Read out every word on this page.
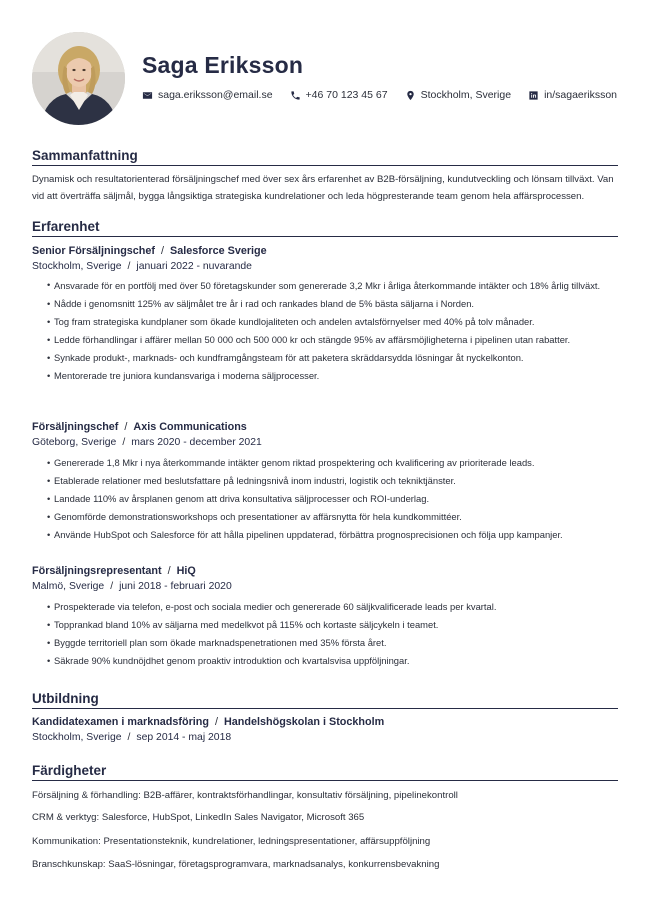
Saga Eriksson
saga.eriksson@email.se	+46 70 123 45 67	Stockholm, Sverige	in/sagaeriksson
Sammanfattning
Dynamisk och resultatorienterad försäljningschef med över sex års erfarenhet av B2B-försäljning, kundutveckling och lönsam tillväxt. Van vid att överträffa säljmål, bygga långsiktiga strategiska kundrelationer och leda högpresterande team genom hela affärsprocessen.
Erfarenhet
Senior Försäljningschef / Salesforce Sverige
Stockholm, Sverige / januari 2022 - nuvarande
• Ansvarade för en portfölj med över 50 företagskunder som genererade 3,2 Mkr i årliga återkommande intäkter och 18% årlig tillväxt.
• Nådde i genomsnitt 125% av säljmålet tre år i rad och rankades bland de 5% bästa säljarna i Norden.
• Tog fram strategiska kundplaner som ökade kundlojaliteten och andelen avtalsförnyelser med 40% på tolv månader.
• Ledde förhandlingar i affärer mellan 50 000 och 500 000 kr och stängde 95% av affärsmöjligheterna i pipelinen utan rabatter.
• Synkade produkt-, marknads- och kundframgångsteam för att paketera skräddarsydda lösningar åt nyckelkonton.
• Mentorerade tre juniora kundansvariga i moderna säljprocesser.
Försäljningschef / Axis Communications
Göteborg, Sverige / mars 2020 - december 2021
• Genererade 1,8 Mkr i nya återkommande intäkter genom riktad prospektering och kvalificering av prioriterade leads.
• Etablerade relationer med beslutsfattare på ledningsnivå inom industri, logistik och tekniktjänster.
• Landade 110% av årsplanen genom att driva konsultativa säljprocesser och ROI-underlag.
• Genomförde demonstrationsworkshops och presentationer av affärsnytta för hela kundkommittéer.
• Använde HubSpot och Salesforce för att hålla pipelinen uppdaterad, förbättra prognosprecisionen och följa upp kampanjer.
Försäljningsrepresentant / HiQ
Malmö, Sverige / juni 2018 - februari 2020
• Prospekterade via telefon, e-post och sociala medier och genererade 60 säljkvalificerade leads per kvartal.
• Topprankad bland 10% av säljarna med medelkvot på 115% och kortaste säljcykeln i teamet.
• Byggde territoriell plan som ökade marknadspenetrationen med 35% första året.
• Säkrade 90% kundnöjdhet genom proaktiv introduktion och kvartalsvisa uppföljningar.
Utbildning
Kandidatexamen i marknadsföring / Handelshögskolan i Stockholm
Stockholm, Sverige / sep 2014 - maj 2018
Färdigheter
Försäljning & förhandling: B2B-affärer, kontraktsförhandlingar, konsultativ försäljning, pipelinekontroll
CRM & verktyg: Salesforce, HubSpot, LinkedIn Sales Navigator, Microsoft 365
Kommunikation: Presentationsteknik, kundrelationer, ledningspresentationer, affärsuppföljning
Branschkunskap: SaaS-lösningar, företagsprogramvara, marknadsanalys, konkurrensbevakning
